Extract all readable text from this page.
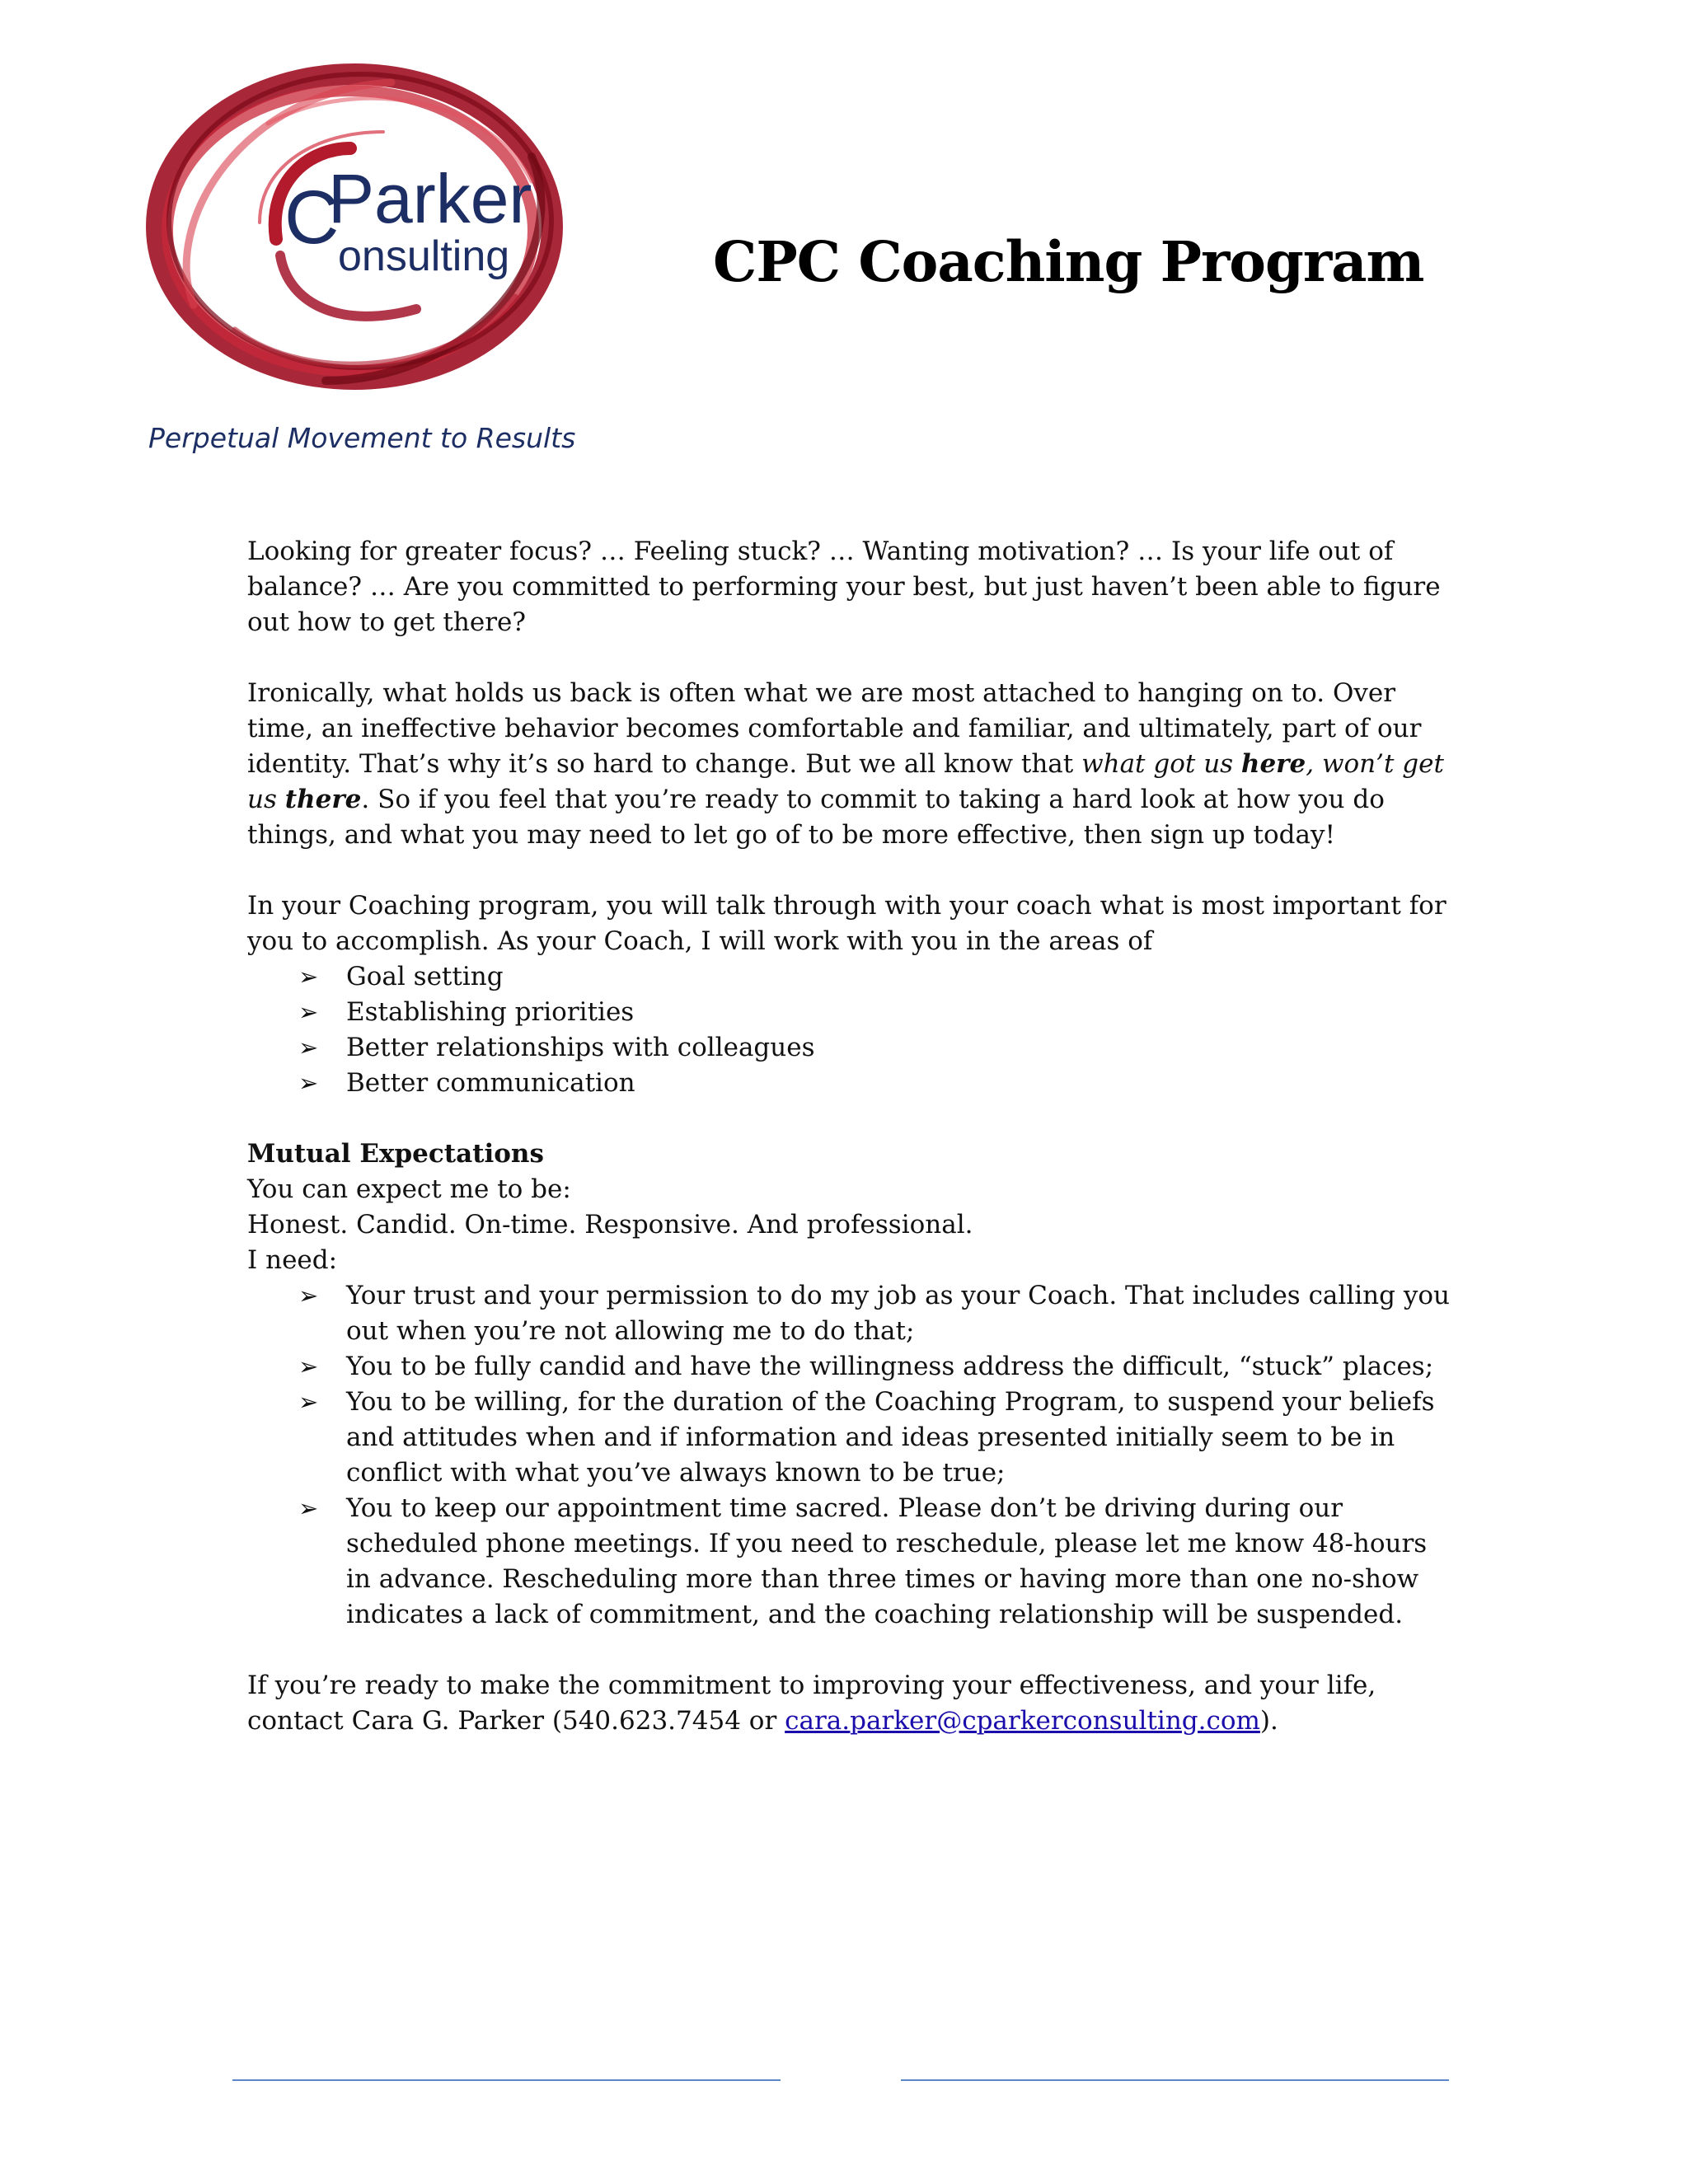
C
Parker
onsulting
Perpetual Movement to Results
CPC Coaching Program

Looking for greater focus? … Feeling stuck? … Wanting motivation? … Is your life out of balance? … Are you committed to performing your best, but just haven’t been able to figure out how to get there?

Ironically, what holds us back is often what we are most attached to hanging on to. Over time, an ineffective behavior becomes comfortable and familiar, and ultimately, part of our identity. That’s why it’s so hard to change. But we all know that what got us here, won’t get us there. So if you feel that you’re ready to commit to taking a hard look at how you do things, and what you may need to let go of to be more effective, then sign up today!

In your Coaching program, you will talk through with your coach what is most important for you to accomplish. As your Coach, I will work with you in the areas of

➢ Goal setting
➢ Establishing priorities
➢ Better relationships with colleagues
➢ Better communication

Mutual Expectations

You can expect me to be:

Honest. Candid. On-time. Responsive. And professional.

I need:

➢ Your trust and your permission to do my job as your Coach. That includes calling you out when you’re not allowing me to do that;
➢ You to be fully candid and have the willingness address the difficult, “stuck” places;
➢ You to be willing, for the duration of the Coaching Program, to suspend your beliefs and attitudes when and if information and ideas presented initially seem to be in conflict with what you’ve always known to be true;
➢ You to keep our appointment time sacred. Please don’t be driving during our scheduled phone meetings. If you need to reschedule, please let me know 48-hours in advance. Rescheduling more than three times or having more than one no-show indicates a lack of commitment, and the coaching relationship will be suspended.

If you’re ready to make the commitment to improving your effectiveness, and your life, contact Cara G. Parker (540.623.7454 or cara.parker@cparkerconsulting.com).
